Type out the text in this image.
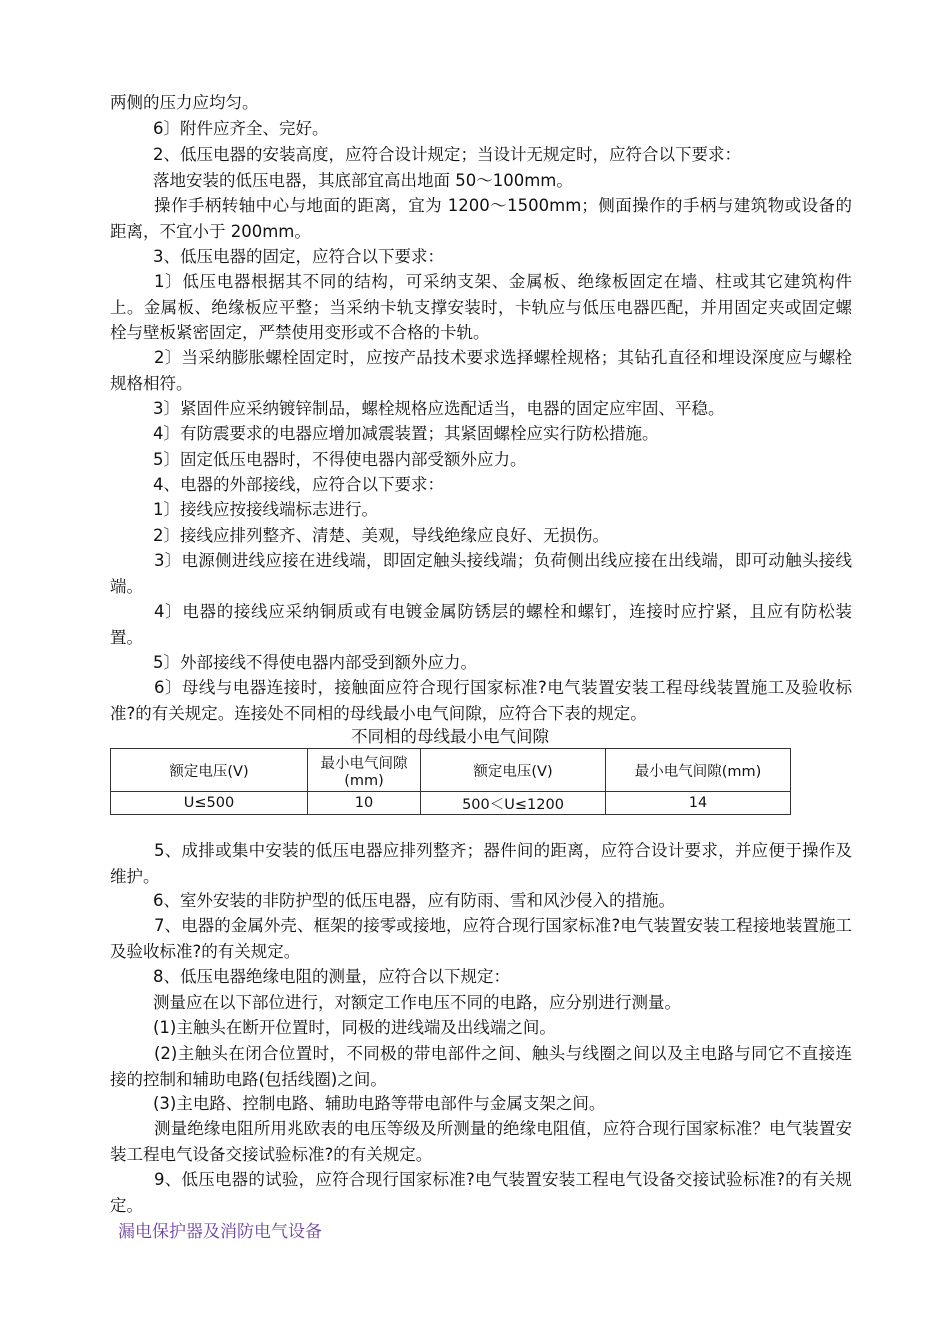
两侧的压力应均匀。
6〕附件应齐全、完好。
2、低压电器的安装高度，应符合设计规定；当设计无规定时，应符合以下要求：
落地安装的低压电器，其底部宜高出地面 50～100mm。
操作手柄转轴中心与地面的距离，宜为 1200～1500mm；侧面操作的手柄与建筑物或设备的距离，不宜小于 200mm。
3、低压电器的固定，应符合以下要求：
1〕低压电器根据其不同的结构，可采纳支架、金属板、绝缘板固定在墙、柱或其它建筑构件上。金属板、绝缘板应平整；当采纳卡轨支撑安装时，卡轨应与低压电器匹配，并用固定夹或固定螺栓与壁板紧密固定，严禁使用变形或不合格的卡轨。
2〕当采纳膨胀螺栓固定时，应按产品技术要求选择螺栓规格；其钻孔直径和埋设深度应与螺栓规格相符。
3〕紧固件应采纳镀锌制品，螺栓规格应选配适当，电器的固定应牢固、平稳。
4〕有防震要求的电器应增加减震装置；其紧固螺栓应实行防松措施。
5〕固定低压电器时，不得使电器内部受额外应力。
4、电器的外部接线，应符合以下要求：
1〕接线应按接线端标志进行。
2〕接线应排列整齐、清楚、美观，导线绝缘应良好、无损伤。
3〕电源侧进线应接在进线端，即固定触头接线端；负荷侧出线应接在出线端，即可动触头接线端。
4〕电器的接线应采纳铜质或有电镀金属防锈层的螺栓和螺钉，连接时应拧紧，且应有防松装置。
5〕外部接线不得使电器内部受到额外应力。
6〕母线与电器连接时，接触面应符合现行国家标准?电气装置安装工程母线装置施工及验收标准?的有关规定。连接处不同相的母线最小电气间隙，应符合下表的规定。
不同相的母线最小电气间隙
额定电压(V)	最小电气间隙(mm)	额定电压(V)	最小电气间隙(mm)
U≤500	10	500＜U≤1200	14
5、成排或集中安装的低压电器应排列整齐；器件间的距离，应符合设计要求，并应便于操作及维护。
6、室外安装的非防护型的低压电器，应有防雨、雪和风沙侵入的措施。
7、电器的金属外壳、框架的接零或接地，应符合现行国家标准?电气装置安装工程接地装置施工及验收标准?的有关规定。
8、低压电器绝缘电阻的测量，应符合以下规定：
测量应在以下部位进行，对额定工作电压不同的电路，应分别进行测量。
(1)主触头在断开位置时，同极的进线端及出线端之间。
(2)主触头在闭合位置时，不同极的带电部件之间、触头与线圈之间以及主电路与同它不直接连接的控制和辅助电路(包括线圈)之间。
(3)主电路、控制电路、辅助电路等带电部件与金属支架之间。
测量绝缘电阻所用兆欧表的电压等级及所测量的绝缘电阻值，应符合现行国家标准？电气装置安装工程电气设备交接试验标准?的有关规定。
9、低压电器的试验，应符合现行国家标准?电气装置安装工程电气设备交接试验标准?的有关规定。
漏电保护器及消防电气设备
